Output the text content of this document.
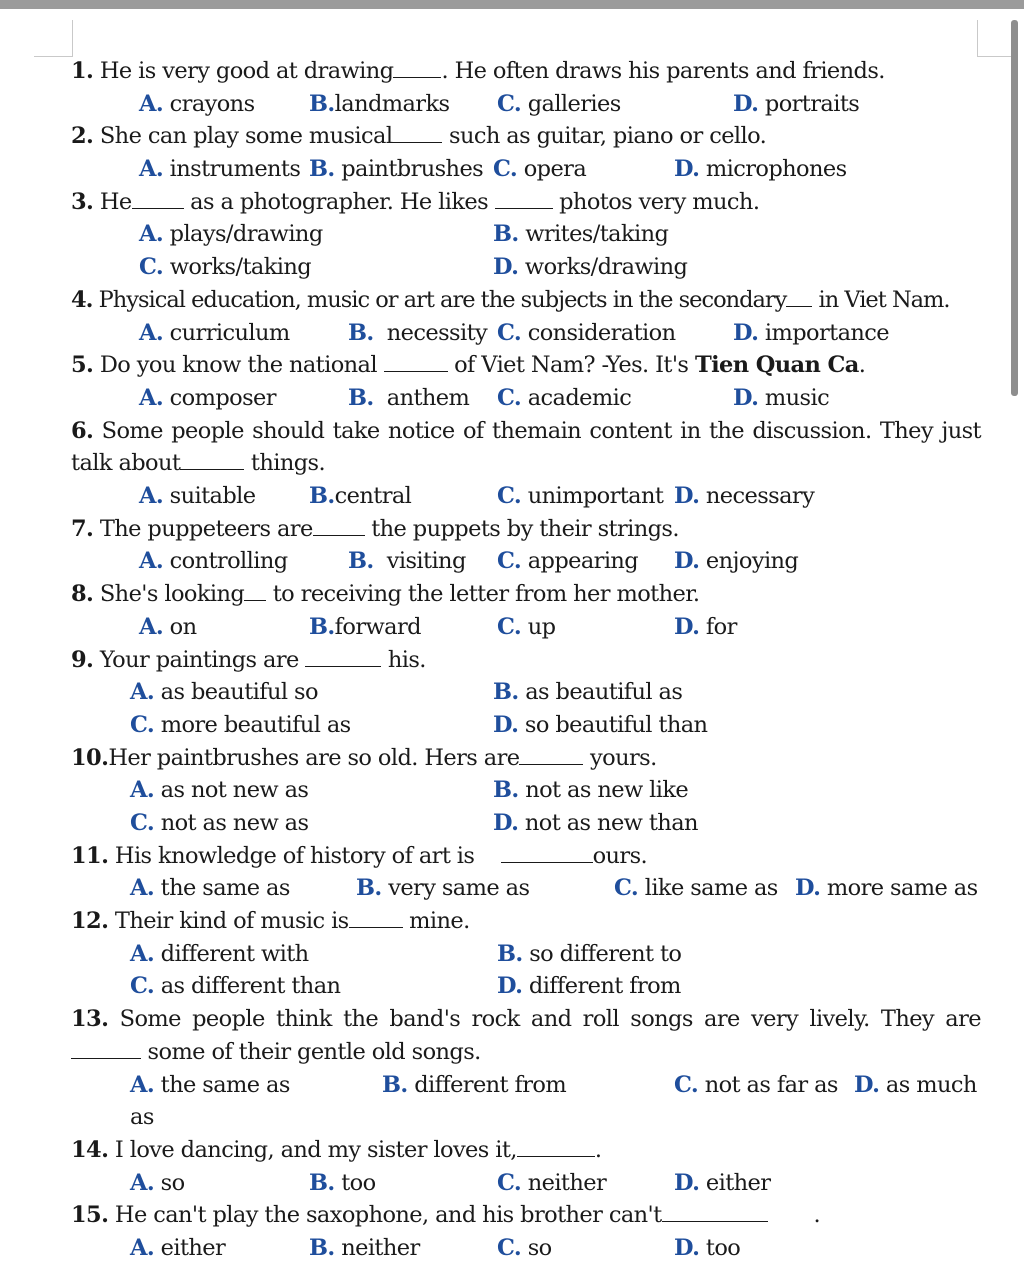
1. He is very good at drawing . He often draws his parents and friends.
A. crayons B.landmarks C. galleries	D. portraits
2. She can play some musical such as guitar, piano or cello.
A. instruments B. paintbrushes C. opera	D. microphones
3. He as a photographer. He likes	photos very much.
A. plays/drawing	B. writes/taking
C. works/taking	D. works/drawing
4. Physical education, music or art are the subjects in the secondary in Viet Nam.
A. curriculum	B. necessity C. consideration	D. importance
5. Do you know the national	of Viet Nam? -Yes. It's Tien Quan Ca.
A. composer	B. anthem C. academic	D. music
6. Some people should take notice of themain content in the discussion. They just talk about	things.
A. suitable B.central	C. unimportant D. necessary
7. The puppeteers are the puppets by their strings.
A. controlling	B. visiting C. appearing D. enjoying
8. She's looking to receiving the letter from her mother.
A. on	B.forward	C. up	D. for
9. Your paintings are	his.
A. as beautiful so	B. as beautiful as
C. more beautiful as	D. so beautiful than
10.Her paintbrushes are so old. Hers are	yours.
A. as not new as	B. not as new like
C. not as new as	D. not as new than
11. His knowledge of history of art is	ours.
A. the same as	B. very same as	C. like same as D. more same as
12. Their kind of music is mine.
A. different with	B. so different to
C. as different than	D. different from
13. Some people think the band's rock and roll songs are very lively. They are  some of their gentle old songs.
A. the same as	B. different from	C. not as far as D. as much as
14. I love dancing, and my sister loves it,	.
A. so	B. too	C. neither	D. either
15. He can't play the saxophone, and his brother can't	.
A. either	B. neither	C. so	D. too
